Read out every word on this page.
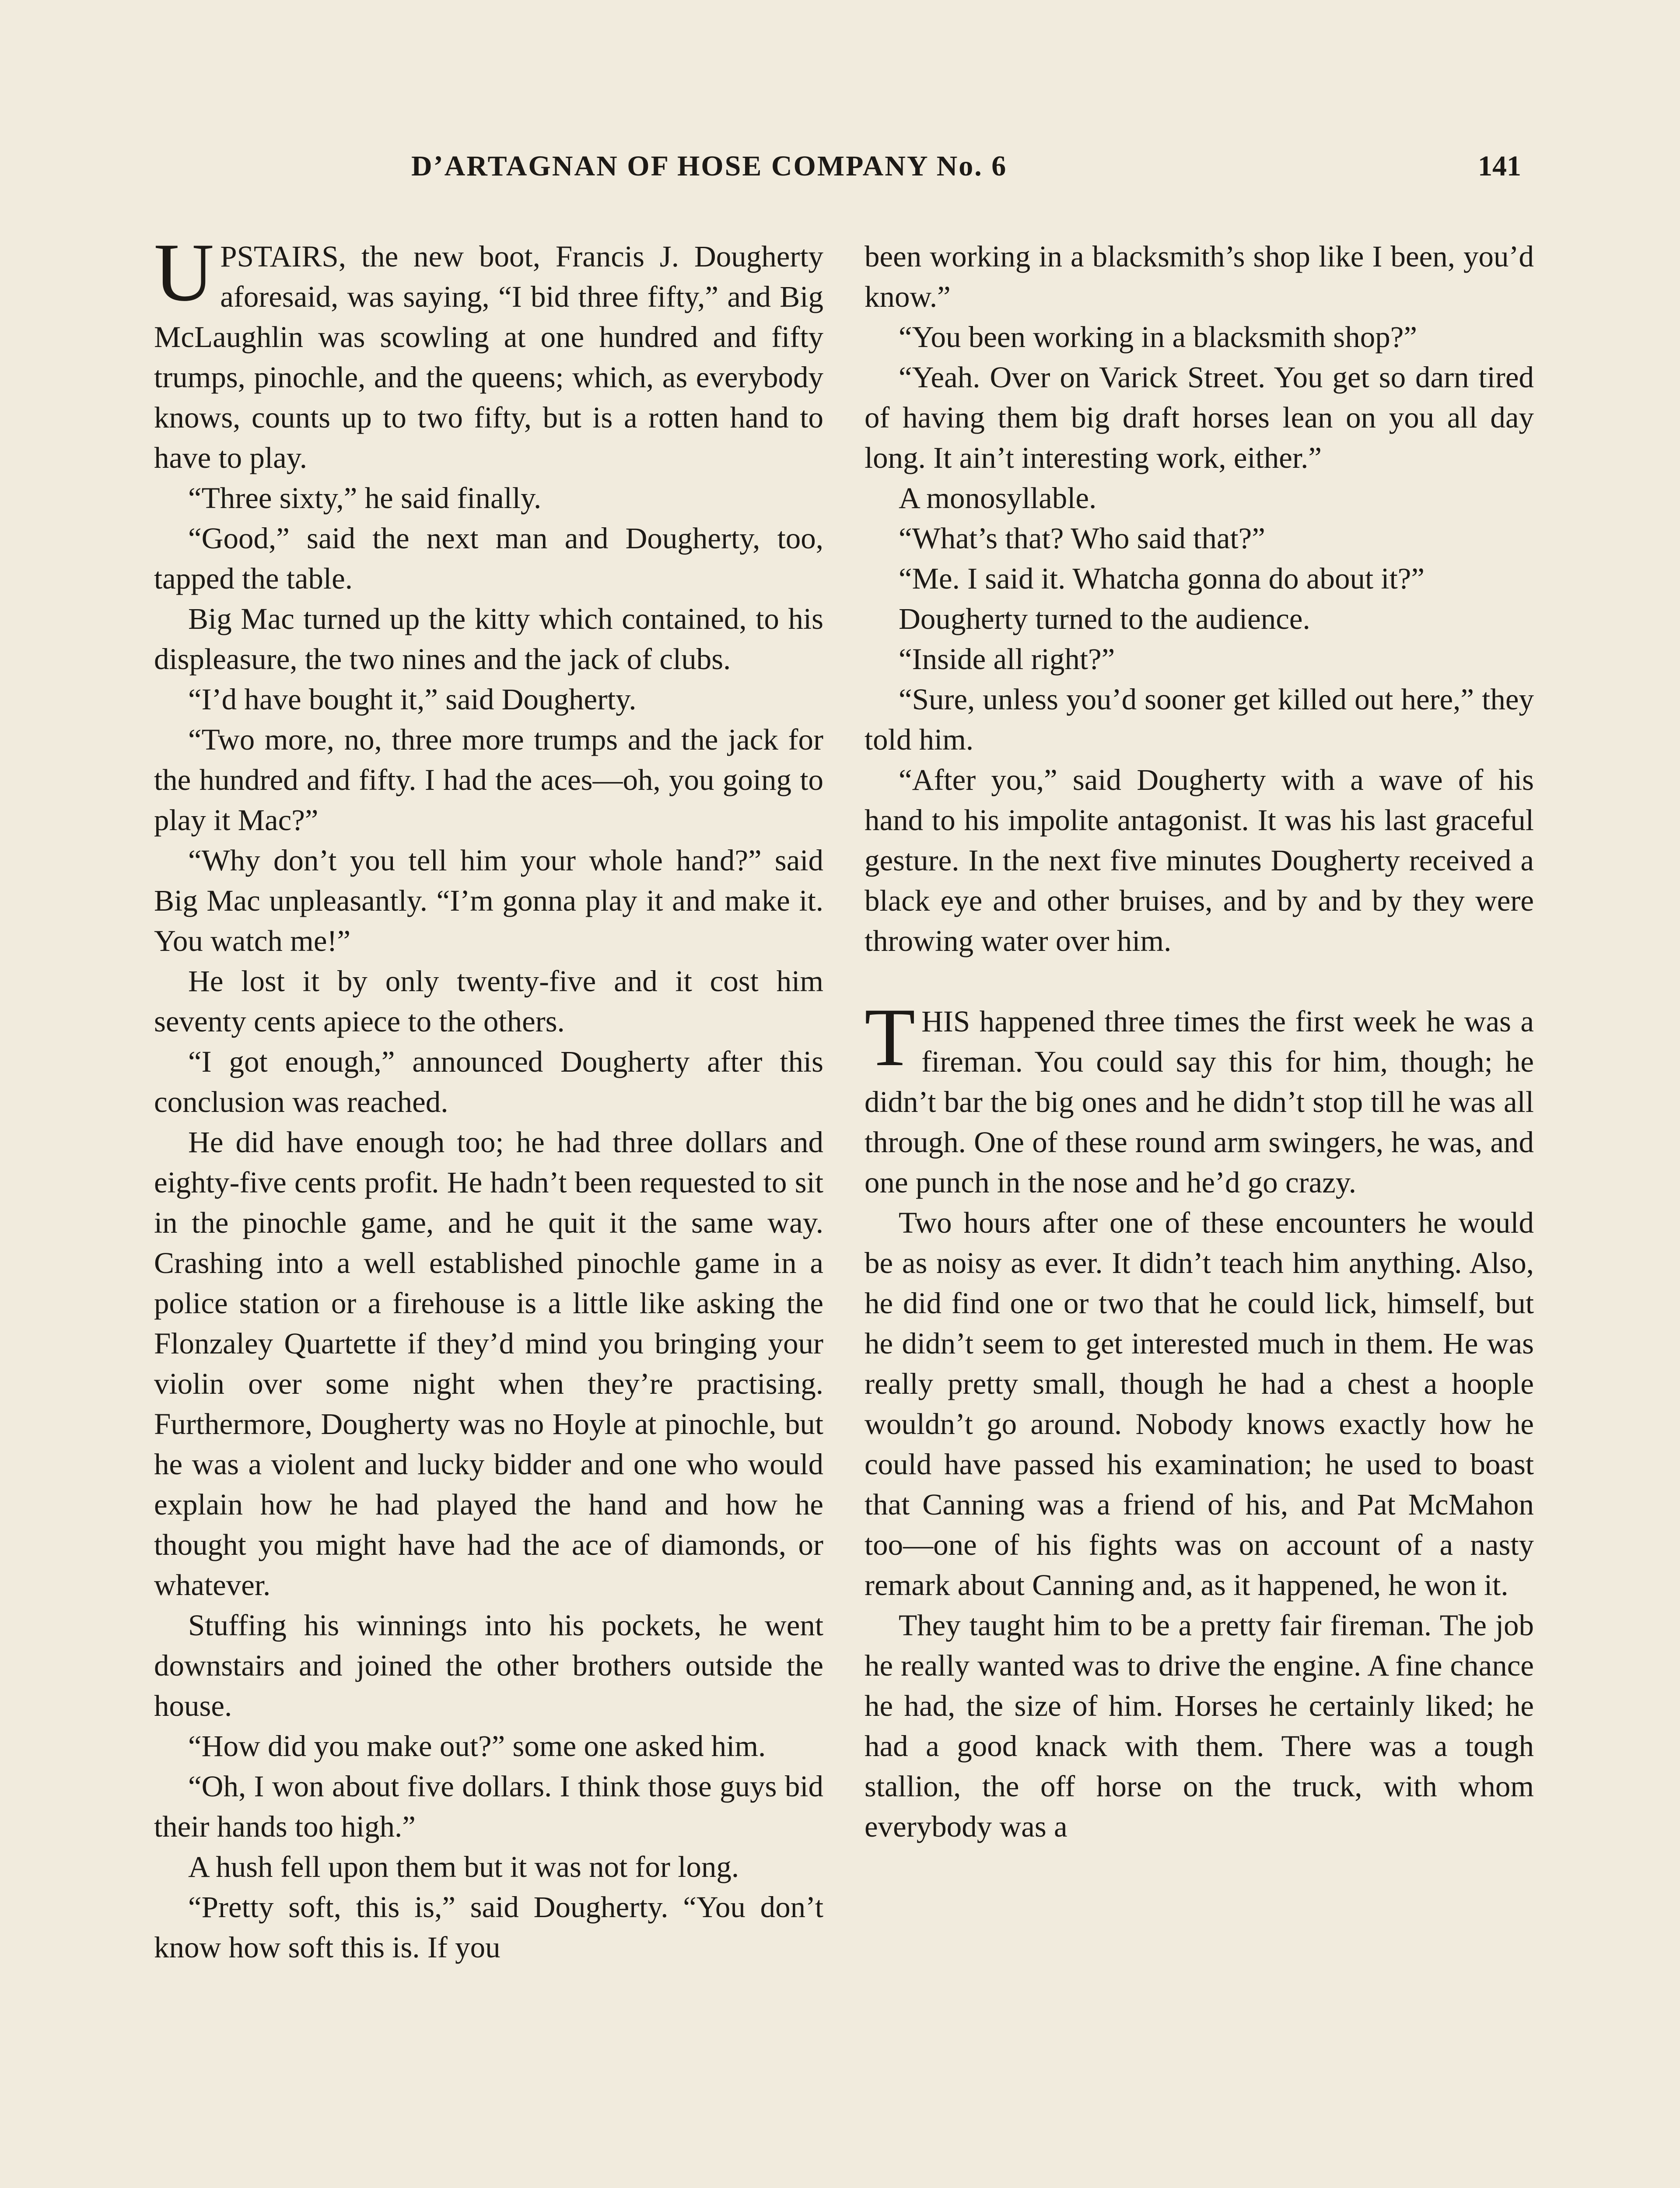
D’ARTAGNAN OF HOSE COMPANY No. 6	141

UPSTAIRS, the new boot, Francis J. Dougherty aforesaid, was saying, “I bid three fifty,” and Big McLaughlin was scowling at one hundred and fifty trumps, pinochle, and the queens; which, as everybody knows, counts up to two fifty, but is a rotten hand to have to play.

“Three sixty,” he said finally.

“Good,” said the next man and Dougherty, too, tapped the table.

Big Mac turned up the kitty which contained, to his displeasure, the two nines and the jack of clubs.

“I’d have bought it,” said Dougherty.

“Two more, no, three more trumps and the jack for the hundred and fifty. I had the aces—oh, you going to play it Mac?”

“Why don’t you tell him your whole hand?” said Big Mac unpleasantly. “I’m gonna play it and make it. You watch me!”

He lost it by only twenty-five and it cost him seventy cents apiece to the others.

“I got enough,” announced Dougherty after this conclusion was reached.

He did have enough too; he had three dollars and eighty-five cents profit. He hadn’t been requested to sit in the pinochle game, and he quit it the same way. Crashing into a well established pinochle game in a police station or a firehouse is a little like asking the Flonzaley Quartette if they’d mind you bringing your violin over some night when they’re practising. Furthermore, Dougherty was no Hoyle at pinochle, but he was a violent and lucky bidder and one who would explain how he had played the hand and how he thought you might have had the ace of diamonds, or whatever.

Stuffing his winnings into his pockets, he went downstairs and joined the other brothers outside the house.

“How did you make out?” some one asked him.

“Oh, I won about five dollars. I think those guys bid their hands too high.”

A hush fell upon them but it was not for long.

“Pretty soft, this is,” said Dougherty. “You don’t know how soft this is. If you

been working in a blacksmith’s shop like I been, you’d know.”

“You been working in a blacksmith shop?”

“Yeah. Over on Varick Street. You get so darn tired of having them big draft horses lean on you all day long. It ain’t interesting work, either.”

A monosyllable.

“What’s that? Who said that?”

“Me. I said it. Whatcha gonna do about it?”

Dougherty turned to the audience.

“Inside all right?”

“Sure, unless you’d sooner get killed out here,” they told him.

“After you,” said Dougherty with a wave of his hand to his impolite antagonist. It was his last graceful gesture. In the next five minutes Dougherty received a black eye and other bruises, and by and by they were throwing water over him.

THIS happened three times the first week he was a fireman. You could say this for him, though; he didn’t bar the big ones and he didn’t stop till he was all through. One of these round arm swingers, he was, and one punch in the nose and he’d go crazy.

Two hours after one of these encounters he would be as noisy as ever. It didn’t teach him anything. Also, he did find one or two that he could lick, himself, but he didn’t seem to get interested much in them. He was really pretty small, though he had a chest a hoople wouldn’t go around. Nobody knows exactly how he could have passed his examination; he used to boast that Canning was a friend of his, and Pat McMahon too—one of his fights was on account of a nasty remark about Canning and, as it happened, he won it.

They taught him to be a pretty fair fireman. The job he really wanted was to drive the engine. A fine chance he had, the size of him. Horses he certainly liked; he had a good knack with them. There was a tough stallion, the off horse on the truck, with whom everybody was a
